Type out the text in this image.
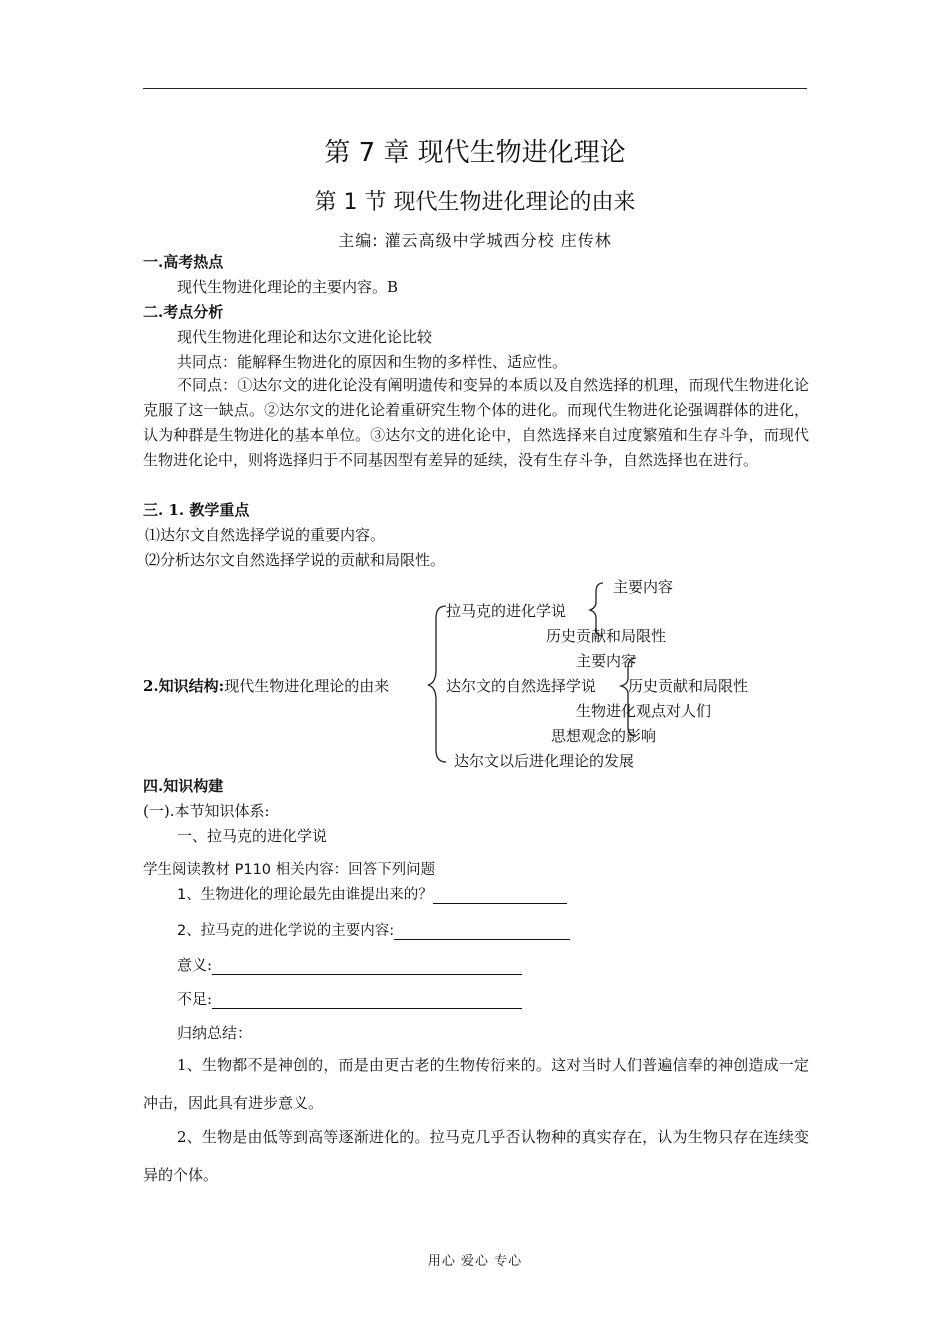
第 7 章 现代生物进化理论
第 1 节 现代生物进化理论的由来
主编: 灌云高级中学城西分校 庄传林
一.高考热点
现代生物进化理论的主要内容。B
二.考点分析
现代生物进化理论和达尔文进化论比较
共同点：能解释生物进化的原因和生物的多样性、适应性。
不同点：①达尔文的进化论没有阐明遗传和变异的本质以及自然选择的机理，而现代生物进化论克服了这一缺点。②达尔文的进化论着重研究生物个体的进化。而现代生物进化论强调群体的进化，认为种群是生物进化的基本单位。③达尔文的进化论中，自然选择来自过度繁殖和生存斗争，而现代生物进化论中，则将选择归于不同基因型有差异的延续，没有生存斗争，自然选择也在进行。
三. 1. 教学重点
⑴达尔文自然选择学说的重要内容。
⑵分析达尔文自然选择学说的贡献和局限性。
2.知识结构:现代生物进化理论的由来
拉马克的进化学说
主要内容
历史贡献和局限性
主要内容
达尔文的自然选择学说 历史贡献和局限性
生物进化观点对人们
思想观念的影响
达尔文以后进化理论的发展
四.知识构建
(一).本节知识体系:
一、拉马克的进化学说
学生阅读教材 P110 相关内容：回答下列问题
1、生物进化的理论最先由谁提出来的？
2、拉马克的进化学说的主要内容:
意义:
不足:
归纳总结：
1、生物都不是神创的，而是由更古老的生物传衍来的。这对当时人们普遍信奉的神创造成一定冲击，因此具有进步意义。
2、生物是由低等到高等逐渐进化的。拉马克几乎否认物种的真实存在，认为生物只存在连续变异的个体。
用心 爱心 专心
